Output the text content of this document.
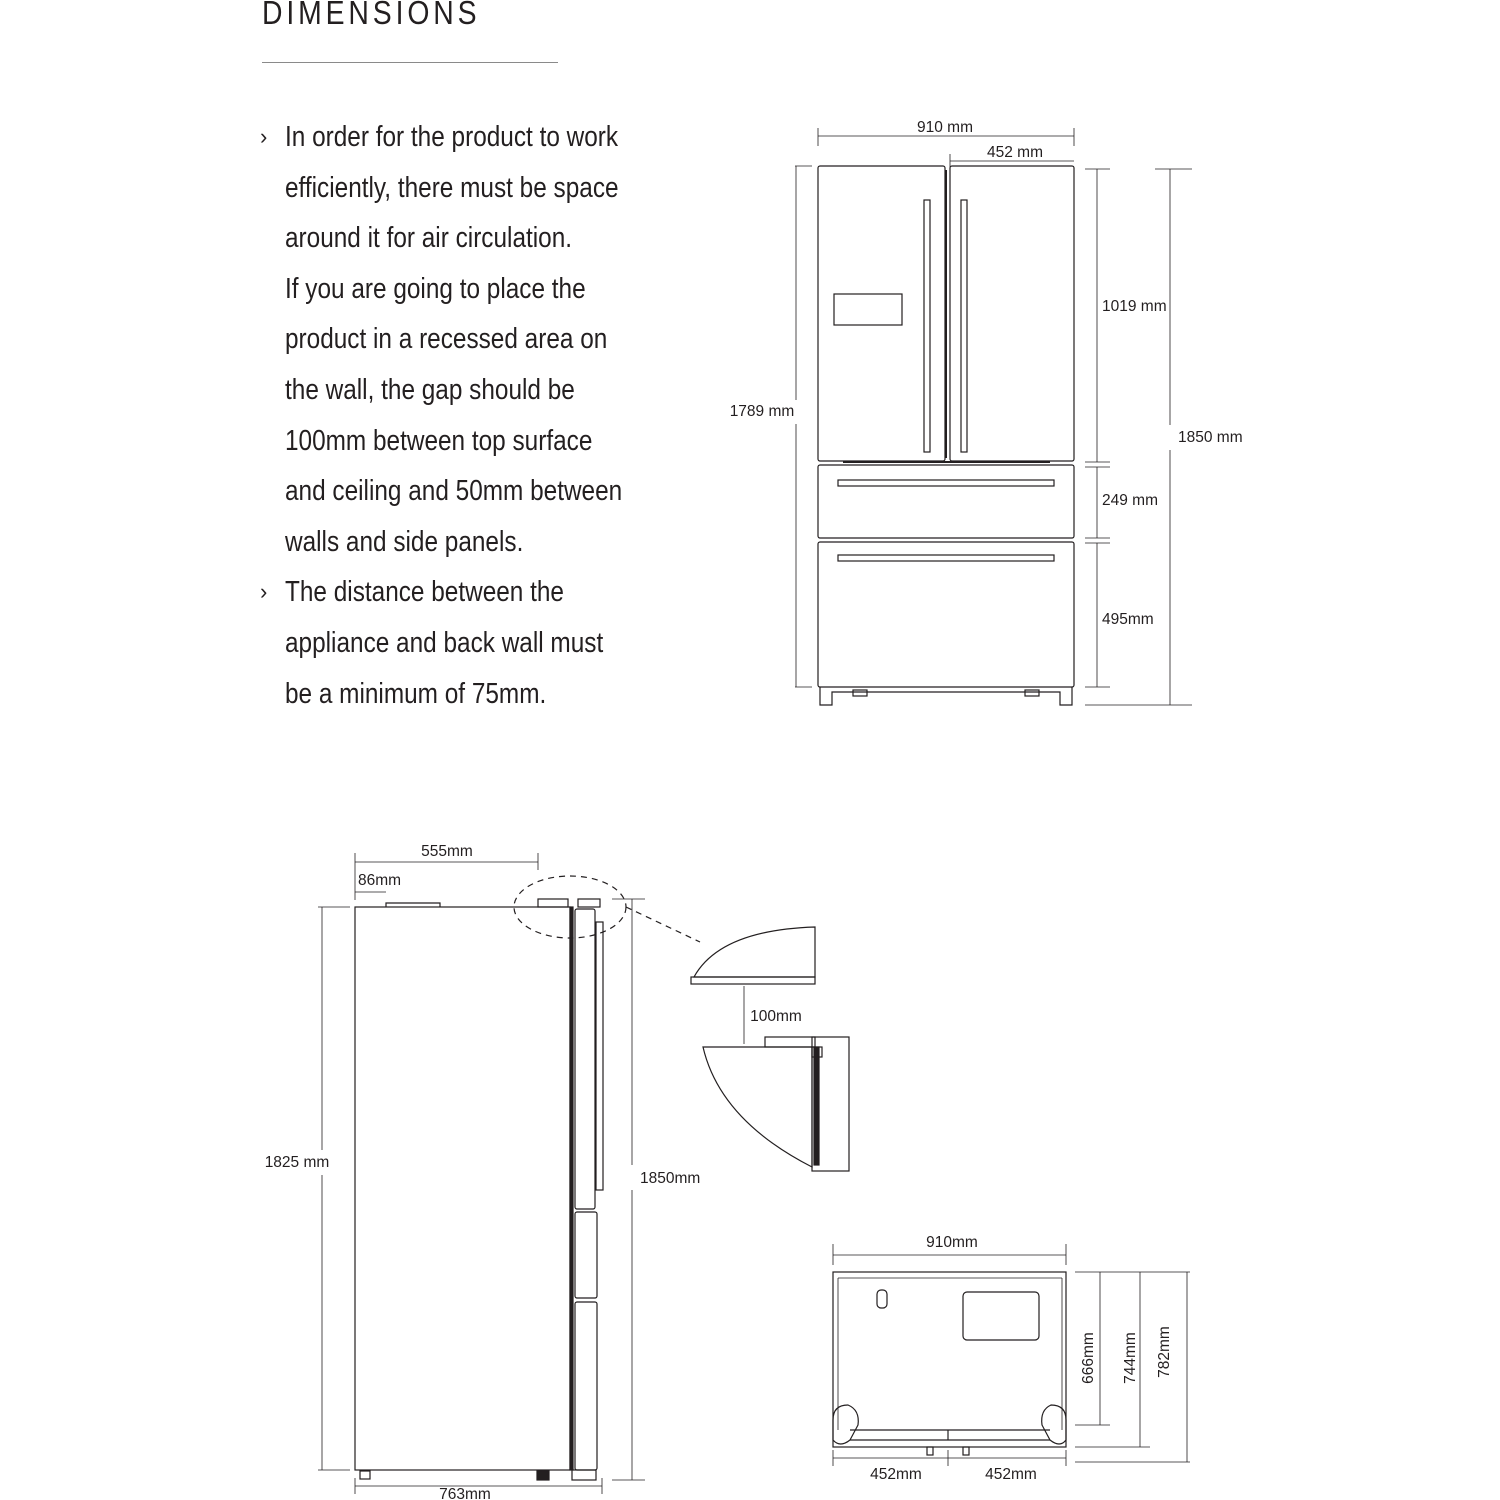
DIMENSIONS
› In order for the product to work
efficiently, there must be space
around it for air circulation.
If you are going to place the
product in a recessed area on
the wall, the gap should be
100mm between top surface
and ceiling and 50mm between
walls and side panels.
› The distance between the
appliance and back wall must
be a minimum of 75mm.
910 mm
452 mm
1789 mm
1019 mm
249 mm
495mm
1850 mm
555mm
86mm
1825 mm
1850mm
763mm
100mm
910mm
666mm 744mm 782mm
452mm	452mm
